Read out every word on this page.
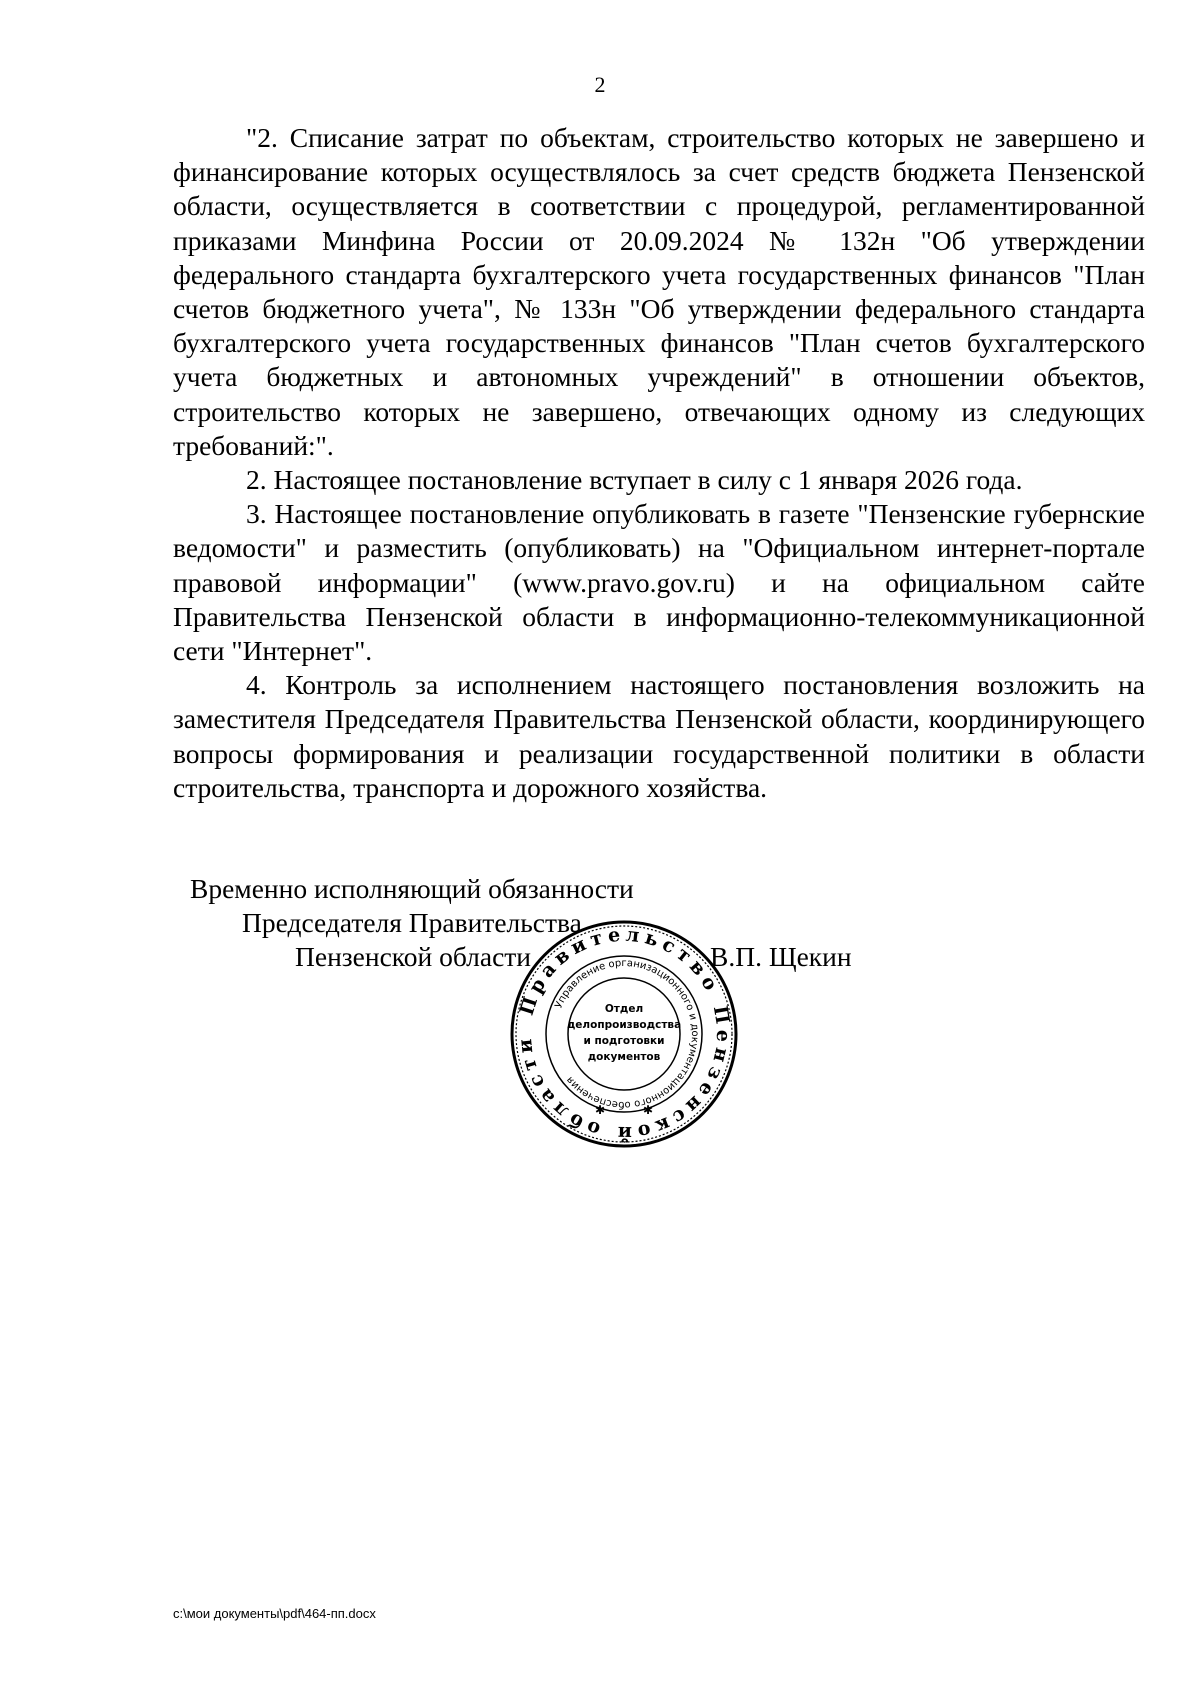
2

"2. Списание затрат по объектам, строительство которых не завершено и финансирование которых осуществлялось за счет средств бюджета Пензенской области, осуществляется в соответствии с процедурой, регламентированной приказами Минфина России от 20.09.2024 № 132н "Об утверждении федерального стандарта бухгалтерского учета государственных финансов "План счетов бюджетного учета", № 133н "Об утверждении федерального стандарта бухгалтерского учета государственных финансов "План счетов бухгалтерского учета бюджетных и автономных учреждений" в отношении объектов, строительство которых не завершено, отвечающих одному из следующих требований:".

2. Настоящее постановление вступает в силу с 1 января 2026 года.

3. Настоящее постановление опубликовать в газете "Пензенские губернские ведомости" и разместить (опубликовать) на "Официальном интернет-портале правовой информации" (www.pravo.gov.ru) и на официальном сайте Правительства Пензенской области в информационно-телекоммуникационной сети "Интернет".

4. Контроль за исполнением настоящего постановления возложить на заместителя Председателя Правительства Пензенской области, координирующего вопросы формирования и реализации государственной политики в области строительства, транспорта и дорожного хозяйства.

Временно исполняющий обязанности
Председателя Правительства
Пензенской области	В.П. Щекин
Правительство Пензенской области
Управление организационного и документационного обеспечения
Отдел
делопроизводства
и подготовки
документов
✱	✱
c:\мои документы\pdf\464-пп.docx
